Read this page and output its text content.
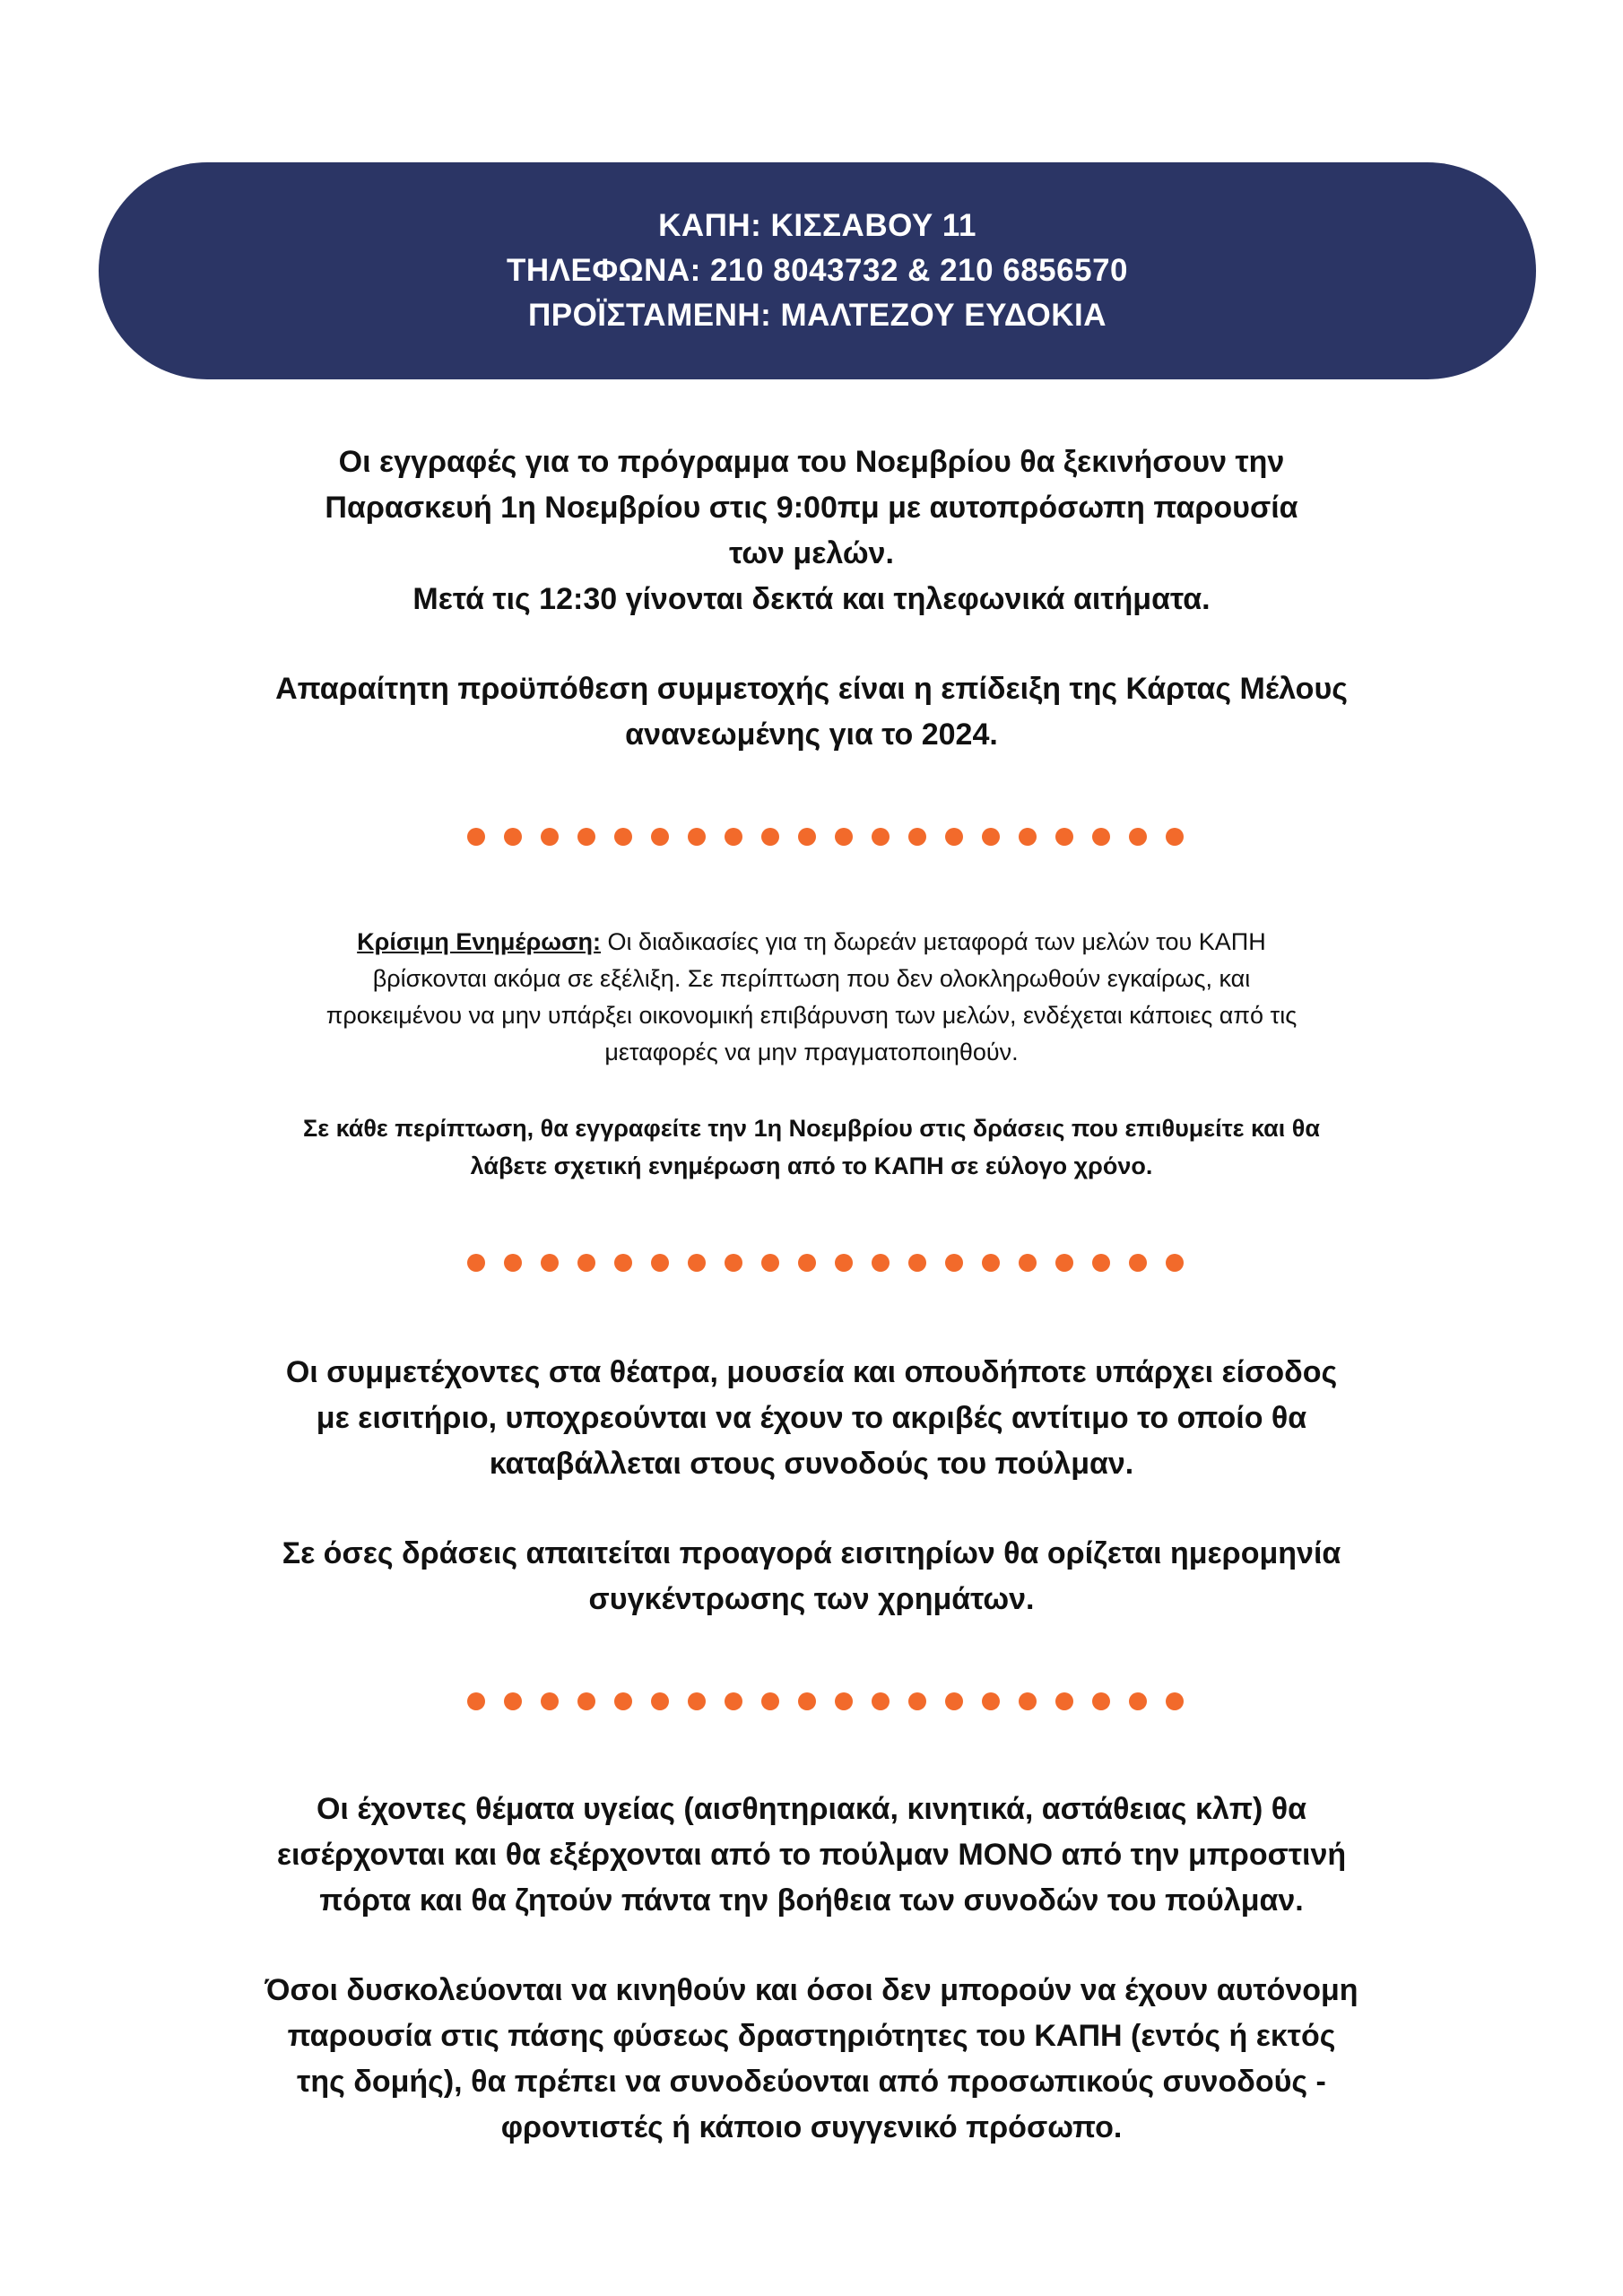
ΚΑΠΗ: ΚΙΣΣΑΒΟΥ 11
ΤΗΛΕΦΩΝΑ: 210 8043732 & 210 6856570
ΠΡΟΪΣΤΑΜΕΝΗ: ΜΑΛΤΕΖΟΥ ΕΥΔΟΚΙΑ
Οι εγγραφές για το πρόγραμμα του Νοεμβρίου θα ξεκινήσουν την
Παρασκευή 1η Νοεμβρίου στις 9:00πμ με αυτοπρόσωπη παρουσία
των μελών.
Μετά τις 12:30 γίνονται δεκτά και τηλεφωνικά αιτήματα.
Απαραίτητη προϋπόθεση συμμετοχής είναι η επίδειξη της Κάρτας Μέλους
ανανεωμένης για το 2024.
Κρίσιμη Ενημέρωση: Οι διαδικασίες για τη δωρεάν μεταφορά των μελών του ΚΑΠΗ
βρίσκονται ακόμα σε εξέλιξη. Σε περίπτωση που δεν ολοκληρωθούν εγκαίρως, και
προκειμένου να μην υπάρξει οικονομική επιβάρυνση των μελών, ενδέχεται κάποιες από τις
μεταφορές να μην πραγματοποιηθούν.
Σε κάθε περίπτωση, θα εγγραφείτε την 1η Νοεμβρίου στις δράσεις που επιθυμείτε και θα
λάβετε σχετική ενημέρωση από το ΚΑΠΗ σε εύλογο χρόνο.
Οι συμμετέχοντες στα θέατρα, μουσεία και οπουδήποτε υπάρχει είσοδος
με εισιτήριο, υποχρεούνται να έχουν το ακριβές αντίτιμο το οποίο θα
καταβάλλεται στους συνοδούς του πούλμαν.
Σε όσες δράσεις απαιτείται προαγορά εισιτηρίων θα ορίζεται ημερομηνία
συγκέντρωσης των χρημάτων.
Οι έχοντες θέματα υγείας (αισθητηριακά, κινητικά, αστάθειας κλπ) θα
εισέρχονται και θα εξέρχονται από το πούλμαν ΜΟΝΟ από την μπροστινή
πόρτα και θα ζητούν πάντα την βοήθεια των συνοδών του πούλμαν.
Όσοι δυσκολεύονται να κινηθούν και όσοι δεν μπορούν να έχουν αυτόνομη
παρουσία στις πάσης φύσεως δραστηριότητες του ΚΑΠΗ (εντός ή εκτός
της δομής), θα πρέπει να συνοδεύονται από προσωπικούς συνοδούς -
φροντιστές ή κάποιο συγγενικό πρόσωπο.
